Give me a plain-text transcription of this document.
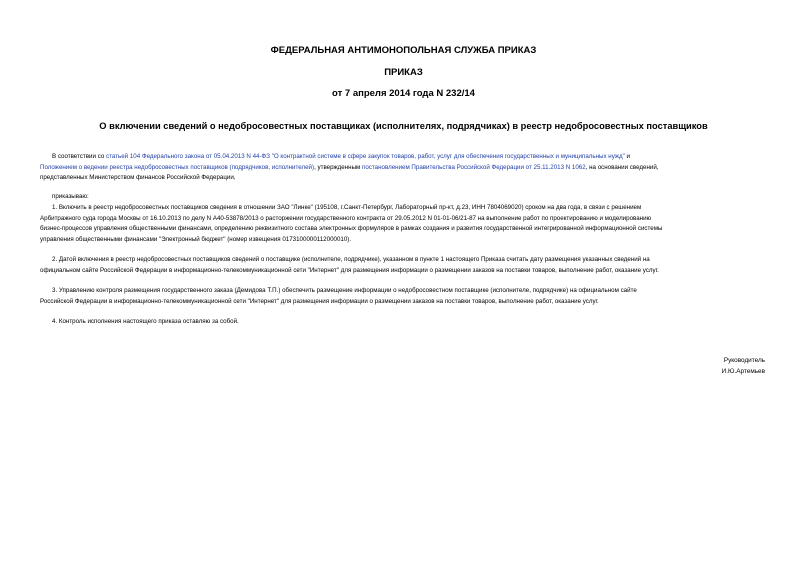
ФЕДЕРАЛЬНАЯ АНТИМОНОПОЛЬНАЯ СЛУЖБА ПРИКАЗ
ПРИКАЗ
от 7 апреля 2014 года N 232/14
О включении сведений о недобросовестных поставщиках (исполнителях, подрядчиках) в реестр недобросовестных поставщиков
В соответствии со статьей 104 Федерального закона от 05.04.2013 N 44-ФЗ "О контрактной системе в сфере закупок товаров, работ, услуг для обеспечения государственных и муниципальных нужд" и
Положением о ведении реестра недобросовестных поставщиков (подрядчиков, исполнителей), утвержденным постановлением Правительства Российской Федерации от 25.11.2013 N 1062, на основании сведений,
представленных Министерством финансов Российской Федерации,
приказываю:
1. Включить в реестр недобросовестных поставщиков сведения в отношении ЗАО "Линке" (195108, г.Санкт-Петербург, Лабораторный пр-кт, д.23, ИНН 7804069020) сроком на два года, в связи с решением
Арбитражного суда города Москвы от 16.10.2013 по делу N А40-53878/2013 о расторжении государственного контракта от 29.05.2012 N 01-01-06/21-87 на выполнение работ по проектированию и моделированию
бизнес-процессов управления общественными финансами, определению реквизитного состава электронных формуляров в рамках создания и развития государственной интегрированной информационной системы
управления общественными финансами "Электронный бюджет" (номер извещения 0173100000112000010).
2. Датой включения в реестр недобросовестных поставщиков сведений о поставщике (исполнителе, подрядчике), указанном в пункте 1 настоящего Приказа считать дату размещения указанных сведений на
официальном сайте Российской Федерации в информационно-телекоммуникационной сети "Интернет" для размещения информации о размещении заказов на поставки товаров, выполнение работ, оказание услуг.
3. Управлению контроля размещения государственного заказа (Демидова Т.П.) обеспечить размещение информации о недобросовестном поставщике (исполнителе, подрядчике) на официальном сайте
Российской Федерации в информационно-телекоммуникационной сети "Интернет" для размещения информации о размещении заказов на поставки товаров, выполнение работ, оказание услуг.
4. Контроль исполнения настоящего приказа оставляю за собой.
Руководитель
И.Ю.Артемьев
